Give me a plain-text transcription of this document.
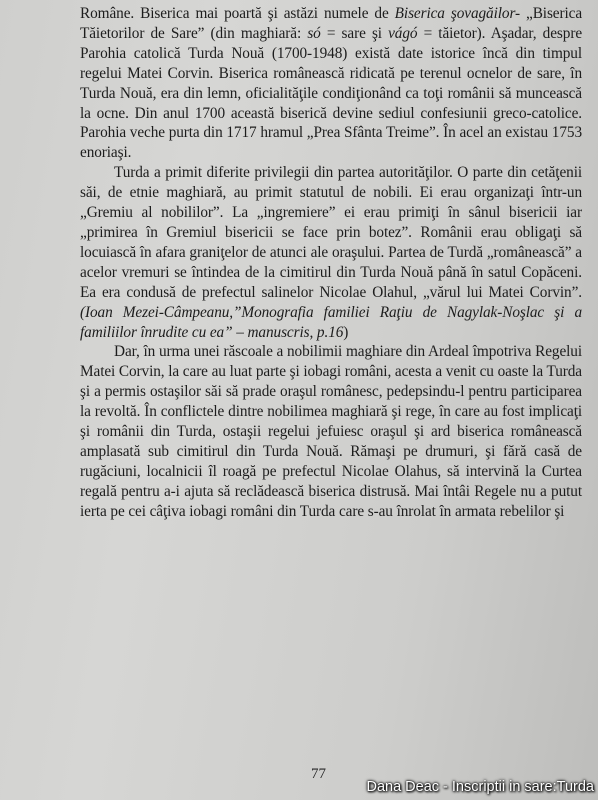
Române. Biserica mai poartă şi astăzi numele de Biserica şovagăilor- „Biserica Tăietorilor de Sare” (din maghiară: só = sare şi vágó = tăietor). Aşadar, despre Parohia catolică Turda Nouă (1700-1948) există date istorice încă din timpul regelui Matei Corvin. Biserica românească ridicată pe terenul ocnelor de sare, în Turda Nouă, era din lemn, oficialităţile condiţionând ca toţi românii să muncească la ocne. Din anul 1700 această biserică devine sediul confesiunii greco-catolice. Parohia veche purta din 1717 hramul „Prea Sfânta Treime”. În acel an existau 1753 enoriaşi.

Turda a primit diferite privilegii din partea autorităţilor. O parte din cetăţenii săi, de etnie maghiară, au primit statutul de nobili. Ei erau organizaţi într-un „Gremiu al nobililor”. La „ingremiere” ei erau primiţi în sânul bisericii iar „primirea în Gremiul bisericii se face prin botez”. Românii erau obligaţi să locuiască în afara graniţelor de atunci ale oraşului. Partea de Turdă „românească” a acelor vremuri se întindea de la cimitirul din Turda Nouă până în satul Copăceni. Ea era condusă de prefectul salinelor Nicolae Olahul, „vărul lui Matei Corvin”.(Ioan Mezei-Câmpeanu,”Monografia familiei Raţiu de Nagylak-Noşlac şi a familiilor înrudite cu ea” – manuscris, p.16)

Dar, în urma unei răscoale a nobilimii maghiare din Ardeal împotriva Regelui Matei Corvin, la care au luat parte şi iobagi români, acesta a venit cu oaste la Turda şi a permis ostaşilor săi să prade oraşul românesc, pedepsindu-l pentru participarea la revoltă. În conflictele dintre nobilimea maghiară şi rege, în care au fost implicaţi şi românii din Turda, ostaşii regelui jefuiesc oraşul şi ard biserica românească amplasată sub cimitirul din Turda Nouă. Rămaşi pe drumuri, şi fără casă de rugăciuni, localnicii îl roagă pe prefectul Nicolae Olahus, să intervină la Curtea regală pentru a-i ajuta să reclădească biserica distrusă. Mai întâi Regele nu a putut ierta pe cei câţiva iobagi români din Turda care s-au înrolat în armata rebelilor şi

77
Dana Deac - Inscriptii in sare:Turda
